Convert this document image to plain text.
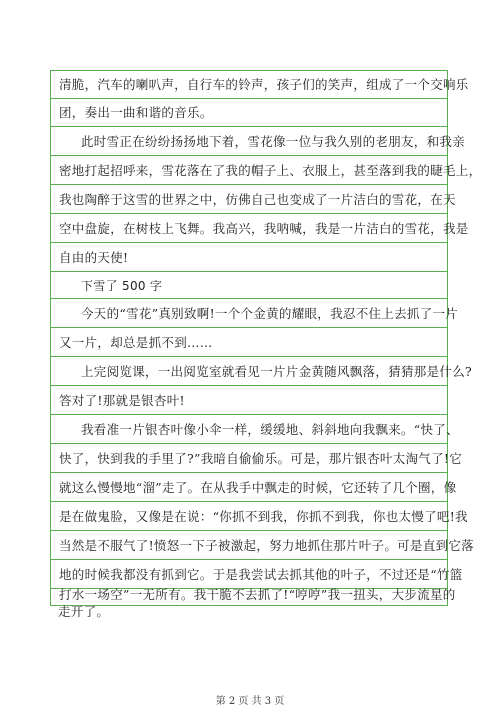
清脆，汽车的喇叭声，自行车的铃声，孩子们的笑声，组成了一个交响乐
团，奏出一曲和谐的音乐。
此时雪正在纷纷扬扬地下着，雪花像一位与我久别的老朋友，和我亲
密地打起招呼来，雪花落在了我的帽子上、衣服上，甚至落到我的睫毛上，
我也陶醉于这雪的世界之中，仿佛自己也变成了一片洁白的雪花，在天
空中盘旋，在树枝上飞舞。我高兴，我呐喊，我是一片洁白的雪花，我是
自由的天使!
下雪了 500 字
今天的“雪花”真别致啊!一个个金黄的耀眼，我忍不住上去抓了一片
又一片，却总是抓不到……
上完阅览课，一出阅览室就看见一片片金黄随风飘落，猜猜那是什么?
答对了!那就是银杏叶!
我看准一片银杏叶像小伞一样，缓缓地、斜斜地向我飘来。“快了、
快了，快到我的手里了?”我暗自偷偷乐。可是，那片银杏叶太淘气了!它
就这么慢慢地“溜”走了。在从我手中飘走的时候，它还转了几个圈，像
是在做鬼脸，又像是在说：“你抓不到我，你抓不到我，你也太慢了吧!我
当然是不服气了!愤怒一下子被激起，努力地抓住那片叶子。可是直到它落
地的时候我都没有抓到它。于是我尝试去抓其他的叶子，不过还是“竹篮
打水一场空”一无所有。我干脆不去抓了!“哼哼”我一扭头，大步流星的
走开了。
第 2 页 共 3 页
